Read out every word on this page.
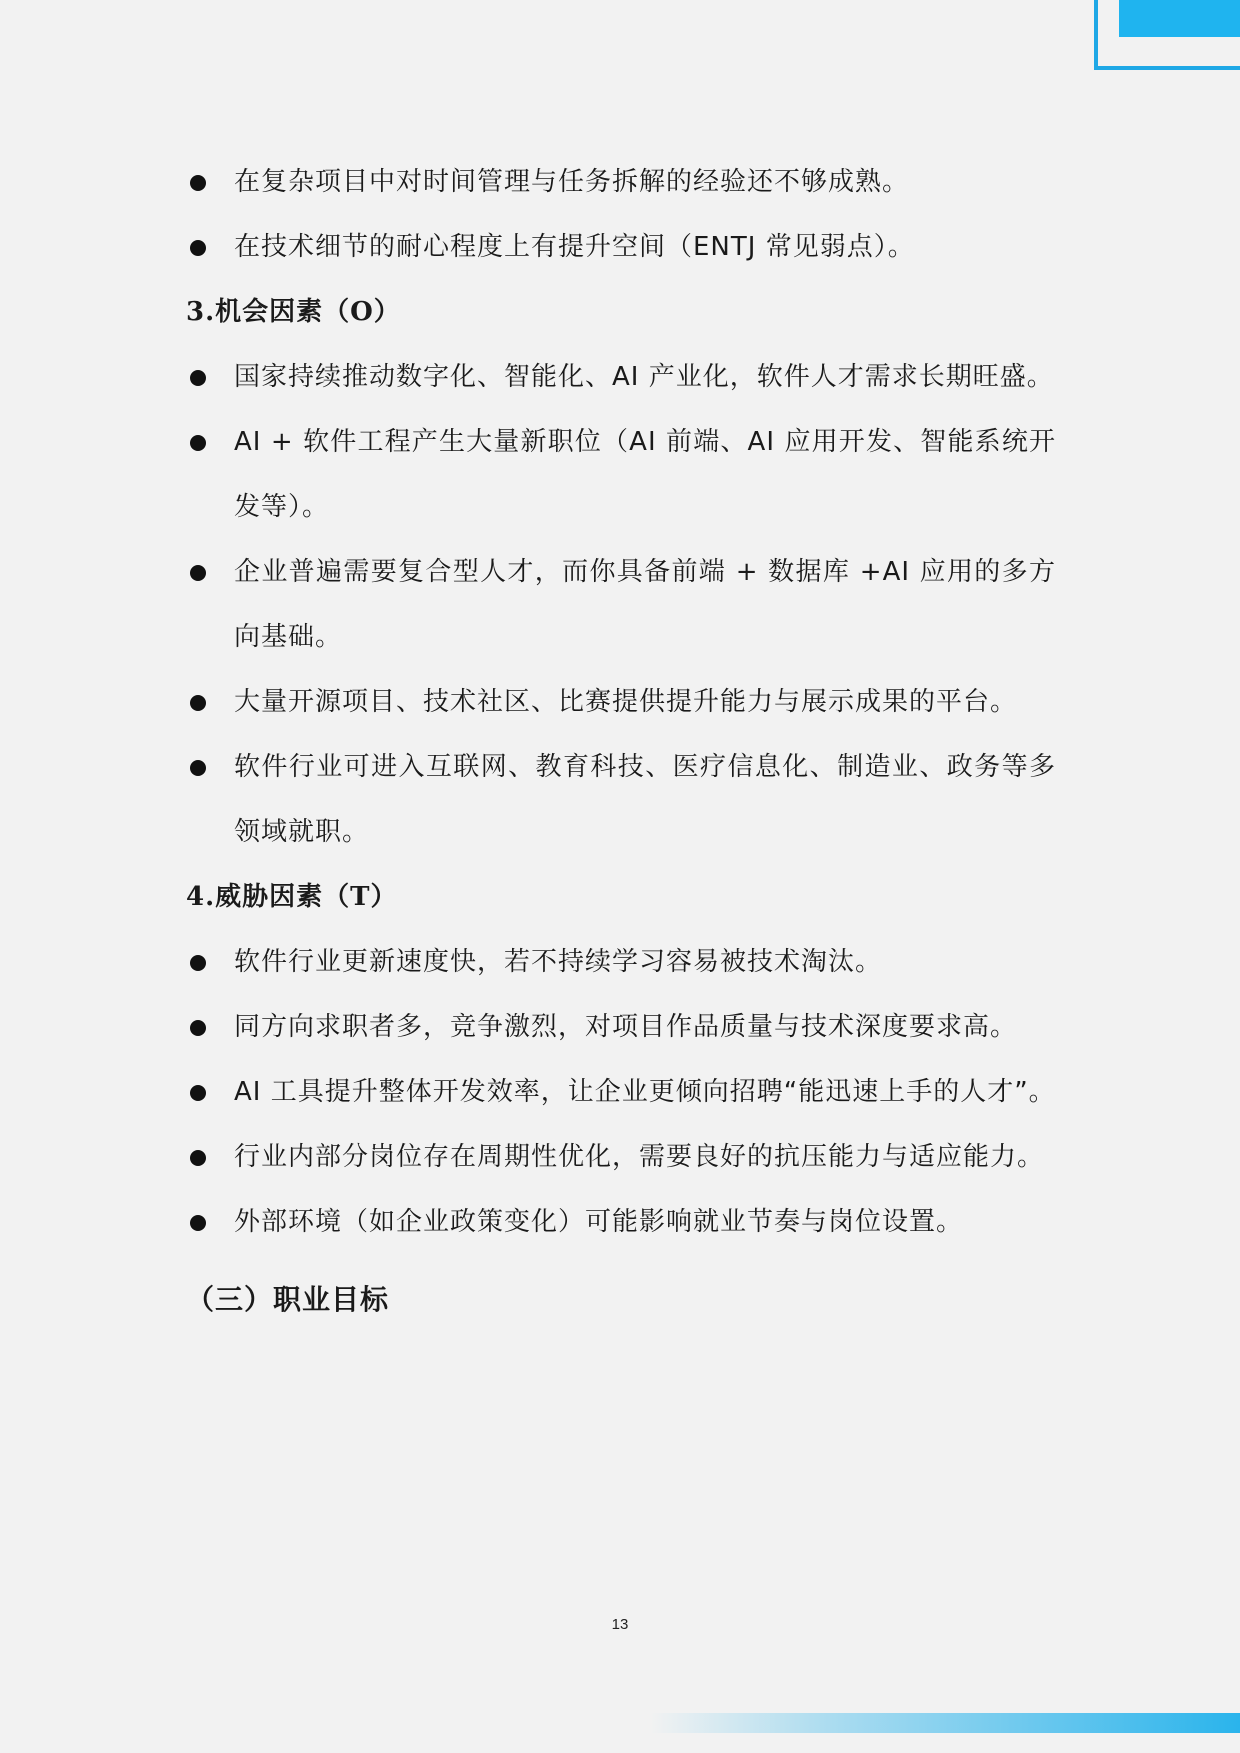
在复杂项目中对时间管理与任务拆解的经验还不够成熟。
在技术细节的耐心程度上有提升空间（ENTJ 常见弱点）。
3.机会因素（O）
国家持续推动数字化、智能化、AI 产业化，软件人才需求长期旺盛。
AI + 软件工程产生大量新职位（AI 前端、AI 应用开发、智能系统开发等）。
企业普遍需要复合型人才，而你具备前端 + 数据库 +AI 应用的多方向基础。
大量开源项目、技术社区、比赛提供提升能力与展示成果的平台。
软件行业可进入互联网、教育科技、医疗信息化、制造业、政务等多领域就职。
4.威胁因素（T）
软件行业更新速度快，若不持续学习容易被技术淘汰。
同方向求职者多，竞争激烈，对项目作品质量与技术深度要求高。
AI 工具提升整体开发效率，让企业更倾向招聘“能迅速上手的人才”。
行业内部分岗位存在周期性优化，需要良好的抗压能力与适应能力。
外部环境（如企业政策变化）可能影响就业节奏与岗位设置。
（三）职业目标
13
